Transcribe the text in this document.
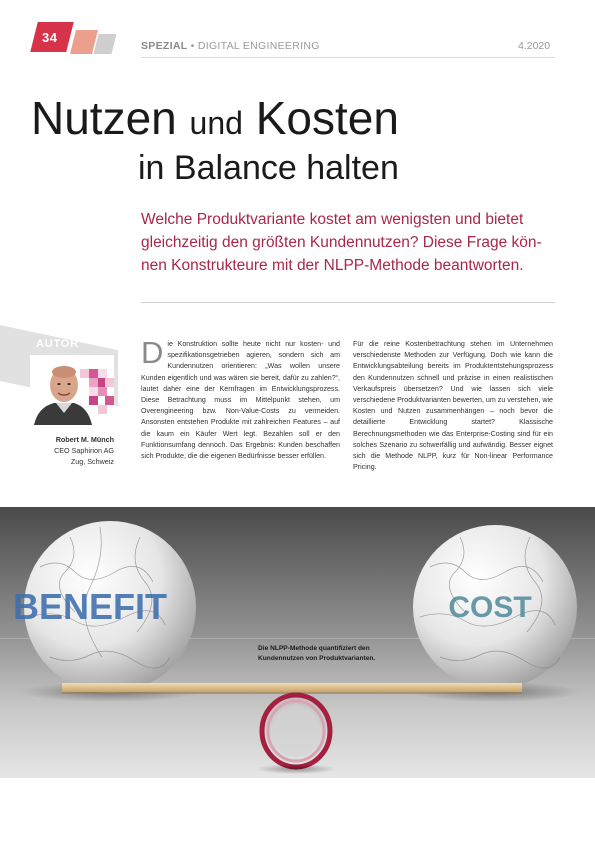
34
SPEZIAL • DIGITAL ENGINEERING	4.2020
Nutzen und Kosten
in Balance halten
Welche Produktvariante kostet am wenigsten und bietet gleichzeitig den größten Kundennutzen? Diese Frage können Konstrukteure mit der NLPP-Methode beantworten.
AUTOR
Robert M. Münch
CEO Saphirion AG
Zug, Schweiz
Die Konstruktion sollte heute nicht nur kosten- und spezifikationsgetrieben agieren, sondern sich am Kundennutzen orientieren: „Was wollen unsere Kunden eigentlich und was wären sie bereit, dafür zu zahlen?“, lautet daher eine der Kernfragen im Entwicklungsprozess. Diese Betrachtung muss im Mittelpunkt stehen, um Overengineering bzw. Non-Value-Costs zu vermeiden. Ansonsten entstehen Produkte mit zahlreichen Features – auf die kaum ein Käufer Wert legt. Bezahlen soll er den Funktionsumfang dennoch. Das Ergebnis: Kunden beschaffen sich Produkte, die die eigenen Bedürfnisse besser erfüllen.
Für die reine Kostenbetrachtung stehen im Unternehmen verschiedenste Methoden zur Verfügung. Doch wie kann die Entwicklungsabteilung bereits im Produktentstehungsprozess den Kundennutzen schnell und präzise in einen realistischen Verkaufspreis übersetzen? Und wie lassen sich viele verschiedene Produktvarianten bewerten, um zu verstehen, wie Kosten und Nutzen zusammenhängen – noch bevor die detaillierte Entwicklung startet? Klassische Berechnungsmethoden wie das Enterprise-Costing sind für ein solches Szenario zu schwerfällig und aufwändig. Besser eignet sich die Methode NLPP, kurz für Non-linear Performance Pricing.
BENEFIT	COST
Die NLPP-Methode quantifiziert den Kundennutzen von Produktvarianten.
